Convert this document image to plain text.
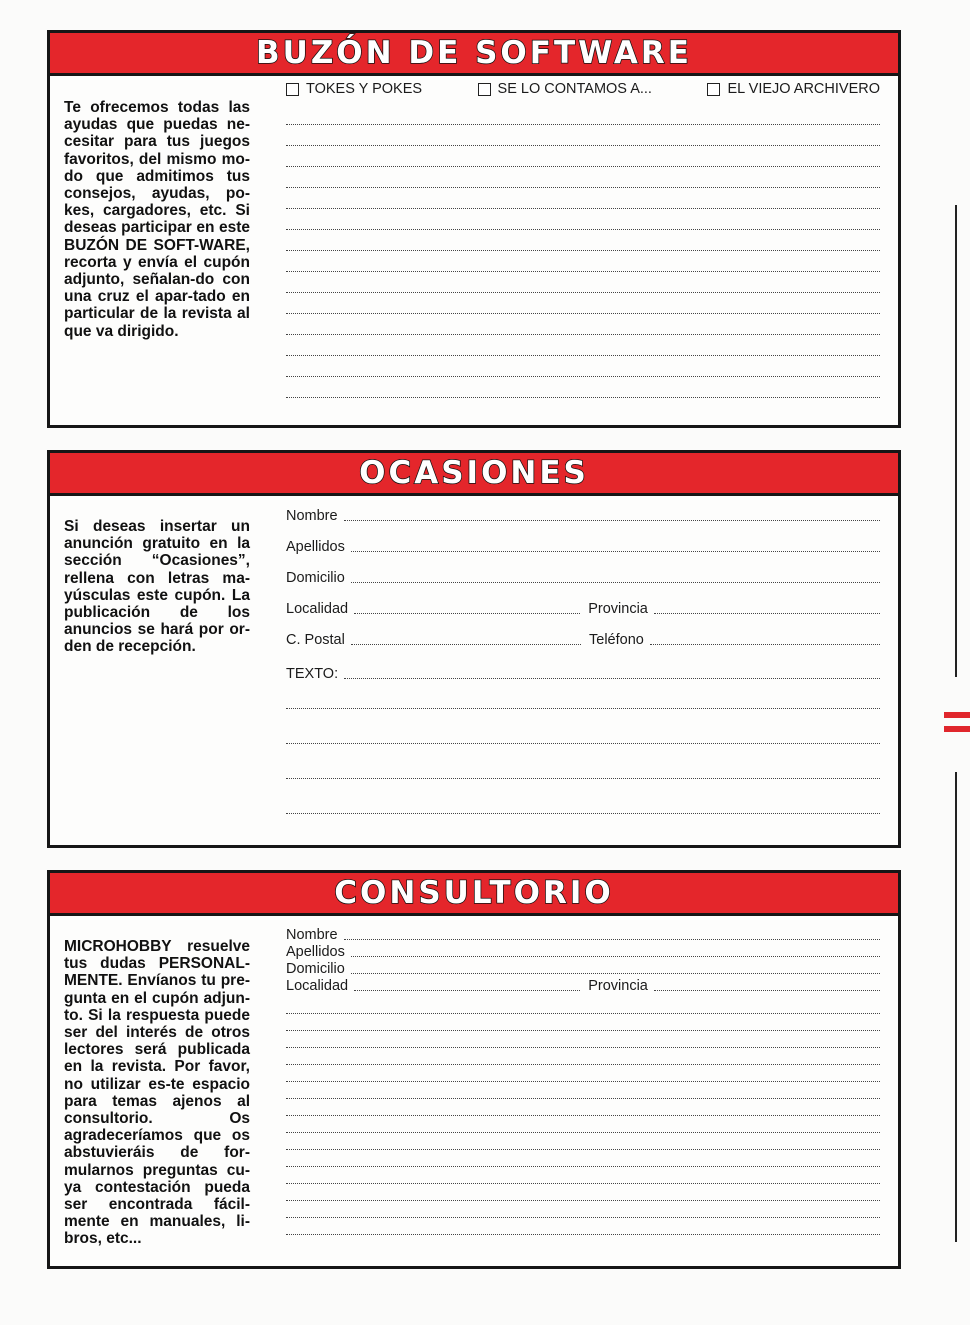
BUZÓN DE SOFTWARE
Te ofrecemos todas las ayudas que puedas ne-cesitar para tus juegos favoritos, del mismo mo-do que admitimos tus consejos, ayudas, po-kes, cargadores, etc. Si deseas participar en este BUZÓN DE SOFT-WARE, recorta y envía el cupón adjunto, señalan-do con una cruz el apar-tado en particular de la revista al que va dirigido.
TOKES Y POKES	SE LO CONTAMOS A...	EL VIEJO ARCHIVERO
OCASIONES
Si deseas insertar un anunción gratuito en la sección “Ocasiones”, rellena con letras ma-yúsculas este cupón. La publicación de los anuncios se hará por or-den de recepción.
Nombre
Apellidos
Domicilio
Localidad	Provincia
C. Postal	Teléfono
TEXTO:
CONSULTORIO
MICROHOBBY resuelve tus dudas PERSONAL-MENTE. Envíanos tu pre-gunta en el cupón adjun-to. Si la respuesta puede ser del interés de otros lectores será publicada en la revista. Por favor, no utilizar es-te espacio para temas ajenos al consultorio. Os agradeceríamos que os abstuvieráis de for-mularnos preguntas cu-ya contestación pueda ser encontrada fácil-mente en manuales, li-bros, etc...
Nombre
Apellidos
Domicilio
Localidad	Provincia
